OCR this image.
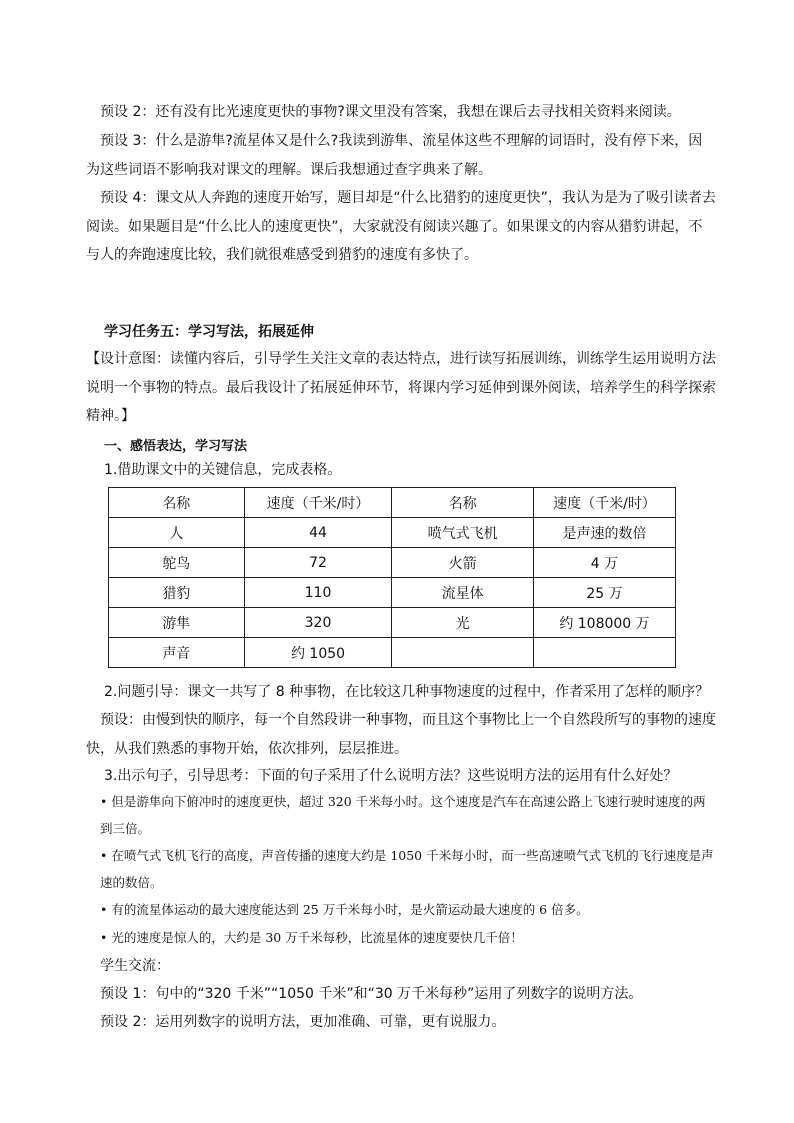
预设 2：还有没有比光速度更快的事物?课文里没有答案，我想在课后去寻找相关资料来阅读。

预设 3：什么是游隼?流星体又是什么?我读到游隼、流星体这些不理解的词语时，没有停下来，因为这些词语不影响我对课文的理解。课后我想通过查字典来了解。

预设 4：课文从人奔跑的速度开始写，题目却是“什么比猎豹的速度更快”，我认为是为了吸引读者去阅读。如果题目是“什么比人的速度更快”，大家就没有阅读兴趣了。如果课文的内容从猎豹讲起，不与人的奔跑速度比较，我们就很难感受到猎豹的速度有多快了。

学习任务五：学习写法，拓展延伸

【设计意图：读懂内容后，引导学生关注文章的表达特点，进行读写拓展训练，训练学生运用说明方法说明一个事物的特点。最后我设计了拓展延伸环节，将课内学习延伸到课外阅读，培养学生的科学探索精神。】

一、感悟表达，学习写法

1.借助课文中的关键信息，完成表格。

名称	速度（千米/时）	名称	速度（千米/时）
人	44	喷气式飞机	是声速的数倍
鸵鸟	72	火箭	4 万
猎豹	110	流星体	25 万
游隼	320	光	约 108000 万
声音	约 1050		

2.问题引导：课文一共写了 8 种事物，在比较这几种事物速度的过程中，作者采用了怎样的顺序？

预设：由慢到快的顺序，每一个自然段讲一种事物，而且这个事物比上一个自然段所写的事物的速度快，从我们熟悉的事物开始，依次排列，层层推进。

3.出示句子，引导思考：下面的句子采用了什么说明方法？这些说明方法的运用有什么好处？

• 但是游隼向下俯冲时的速度更快，超过 320 千米每小时。这个速度是汽车在高速公路上飞速行驶时速度的两到三倍。

• 在喷气式飞机飞行的高度，声音传播的速度大约是 1050 千米每小时，而一些高速喷气式飞机的飞行速度是声速的数倍。

• 有的流星体运动的最大速度能达到 25 万千米每小时，是火箭运动最大速度的 6 倍多。

• 光的速度是惊人的，大约是 30 万千米每秒，比流星体的速度要快几千倍！

学生交流：

预设 1：句中的“320 千米”“1050 千米”和“30 万千米每秒”运用了列数字的说明方法。

预设 2：运用列数字的说明方法，更加准确、可靠，更有说服力。
